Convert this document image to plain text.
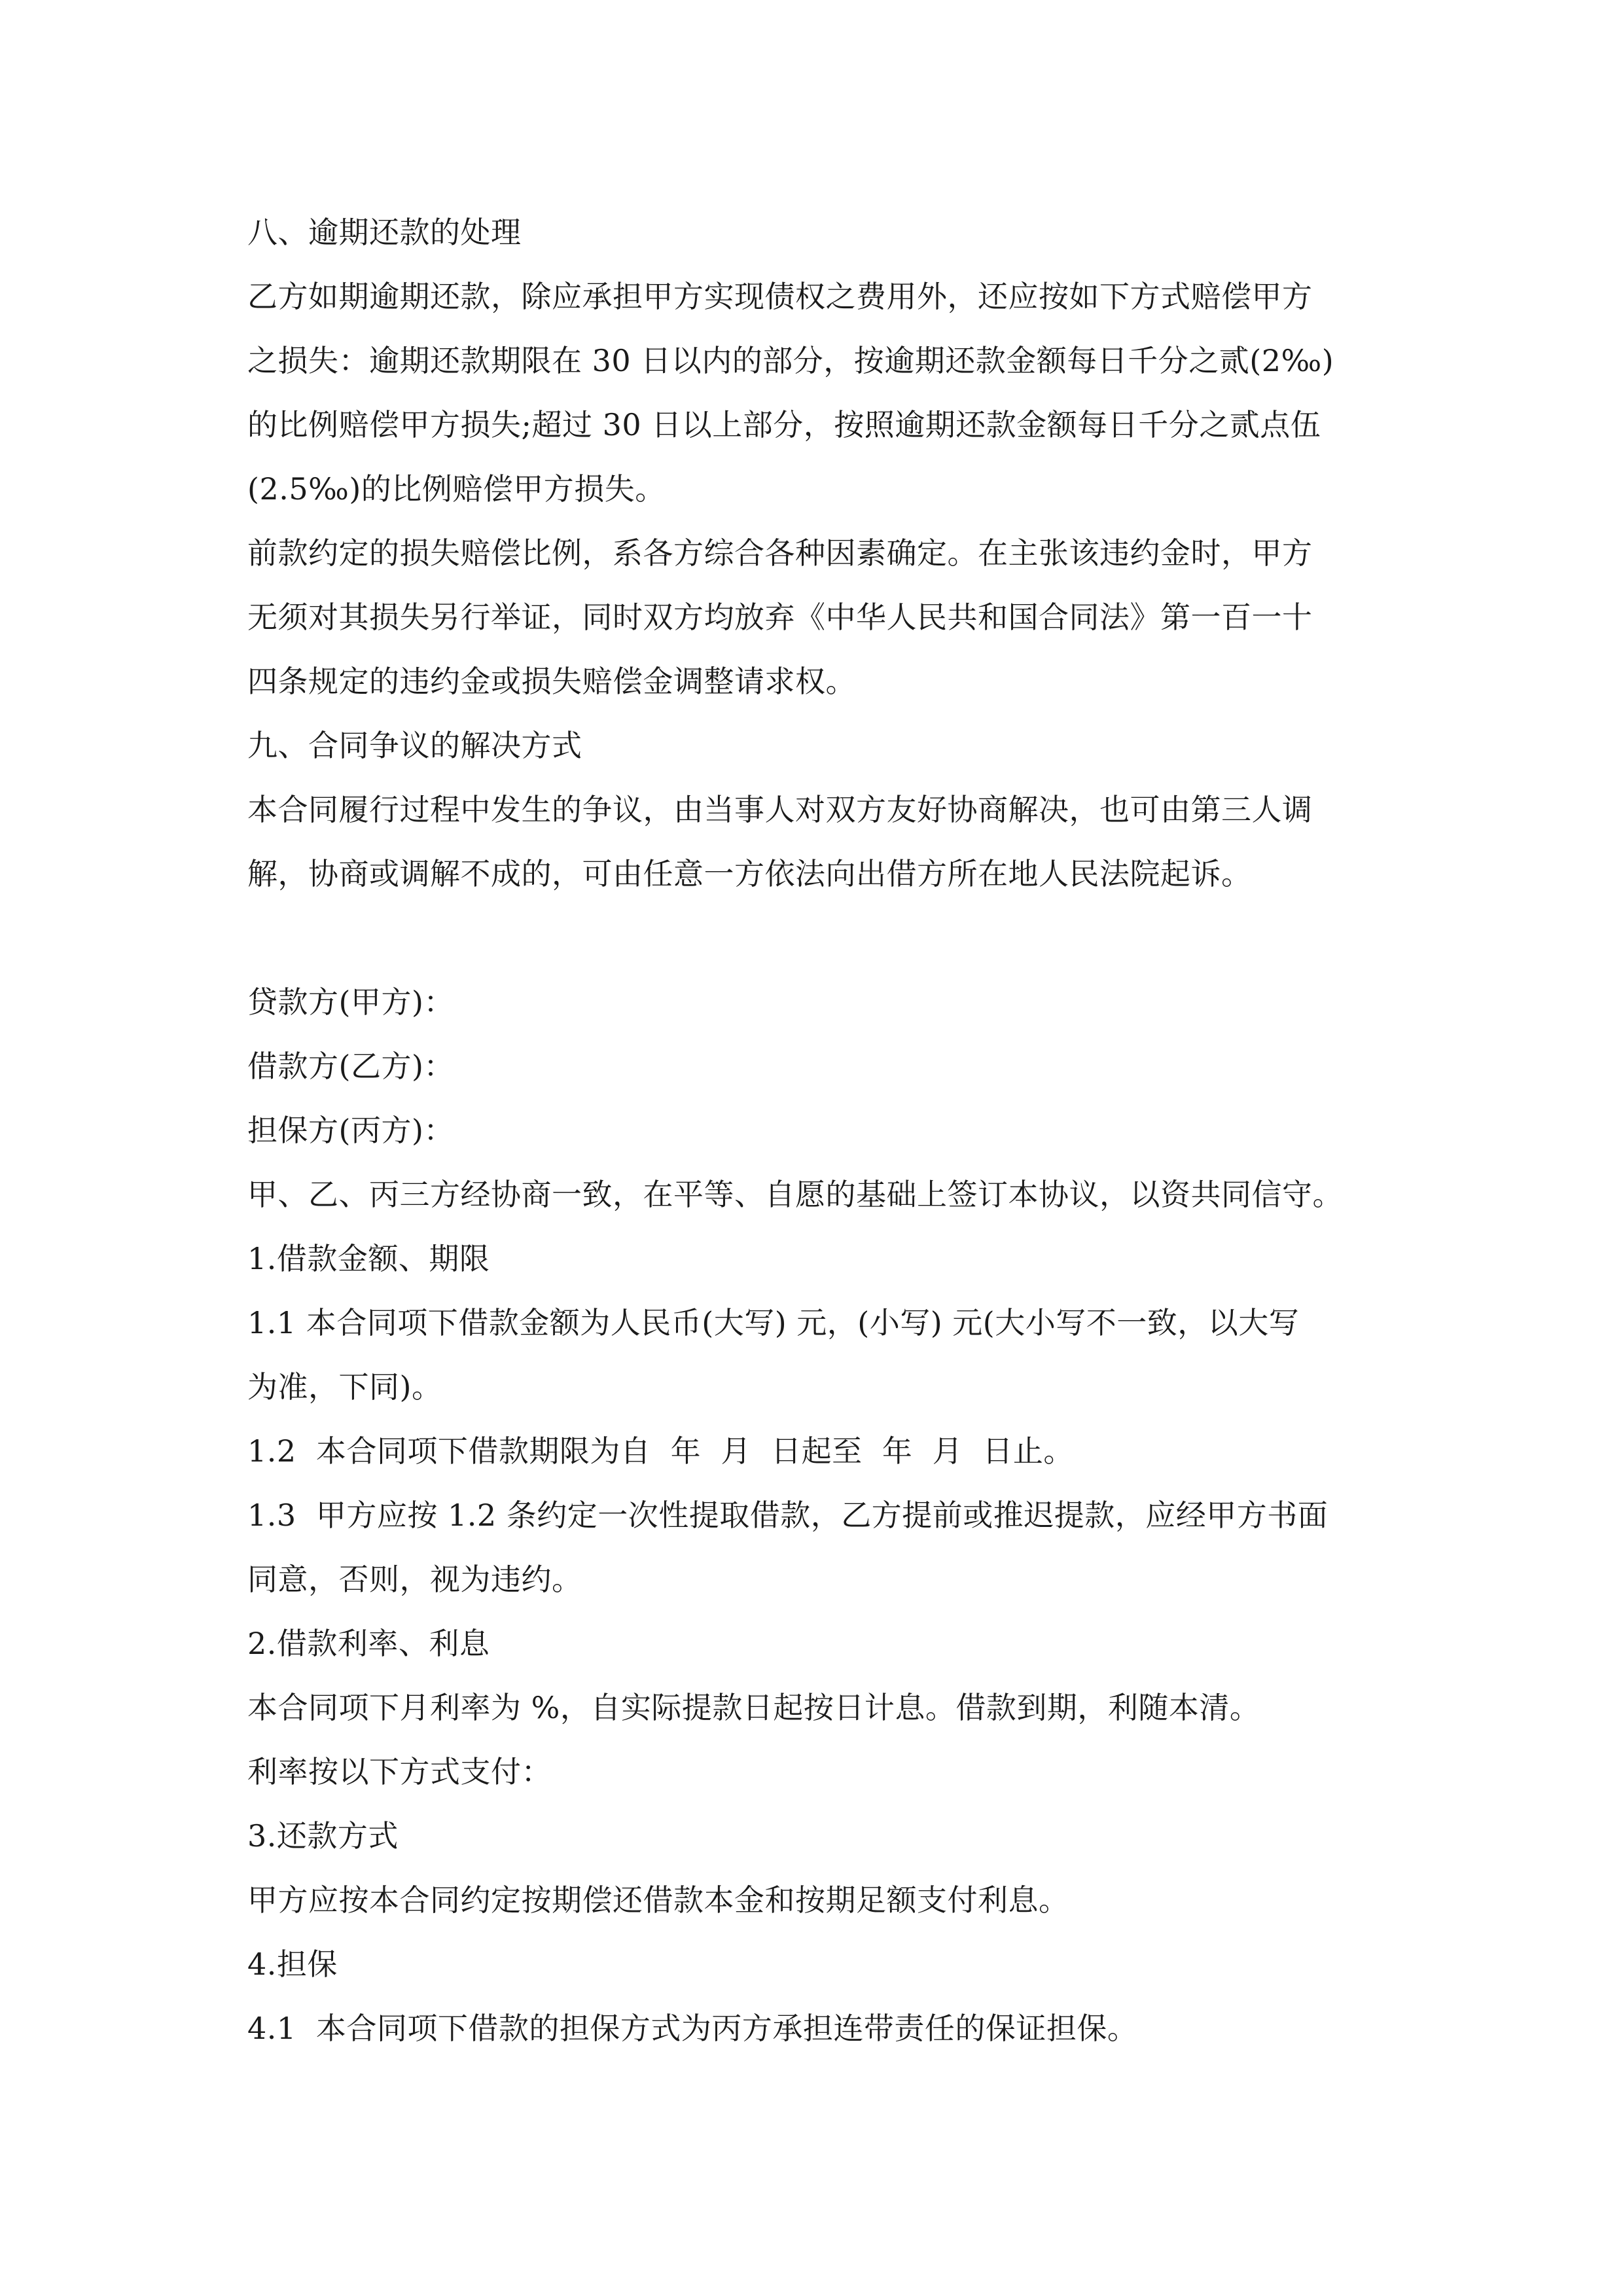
八、逾期还款的处理
乙方如期逾期还款，除应承担甲方实现债权之费用外，还应按如下方式赔偿甲方
之损失：逾期还款期限在 30 日以内的部分，按逾期还款金额每日千分之贰(2‰)
的比例赔偿甲方损失;超过 30 日以上部分，按照逾期还款金额每日千分之贰点伍
(2.5‰)的比例赔偿甲方损失。
前款约定的损失赔偿比例，系各方综合各种因素确定。在主张该违约金时，甲方
无须对其损失另行举证，同时双方均放弃《中华人民共和国合同法》第一百一十
四条规定的违约金或损失赔偿金调整请求权。
九、合同争议的解决方式
本合同履行过程中发生的争议，由当事人对双方友好协商解决，也可由第三人调
解，协商或调解不成的，可由任意一方依法向出借方所在地人民法院起诉。
贷款方(甲方)：
借款方(乙方)：
担保方(丙方)：
甲、乙、丙三方经协商一致，在平等、自愿的基础上签订本协议，以资共同信守。
1.借款金额、期限
1.1 本合同项下借款金额为人民币(大写) 元，(小写) 元(大小写不一致，以大写
为准，下同)。
1.2  本合同项下借款期限为自  年  月  日起至  年  月  日止。
1.3  甲方应按 1.2 条约定一次性提取借款，乙方提前或推迟提款，应经甲方书面
同意，否则，视为违约。
2.借款利率、利息
本合同项下月利率为 %，自实际提款日起按日计息。借款到期，利随本清。
利率按以下方式支付：
3.还款方式
甲方应按本合同约定按期偿还借款本金和按期足额支付利息。
4.担保
4.1  本合同项下借款的担保方式为丙方承担连带责任的保证担保。
